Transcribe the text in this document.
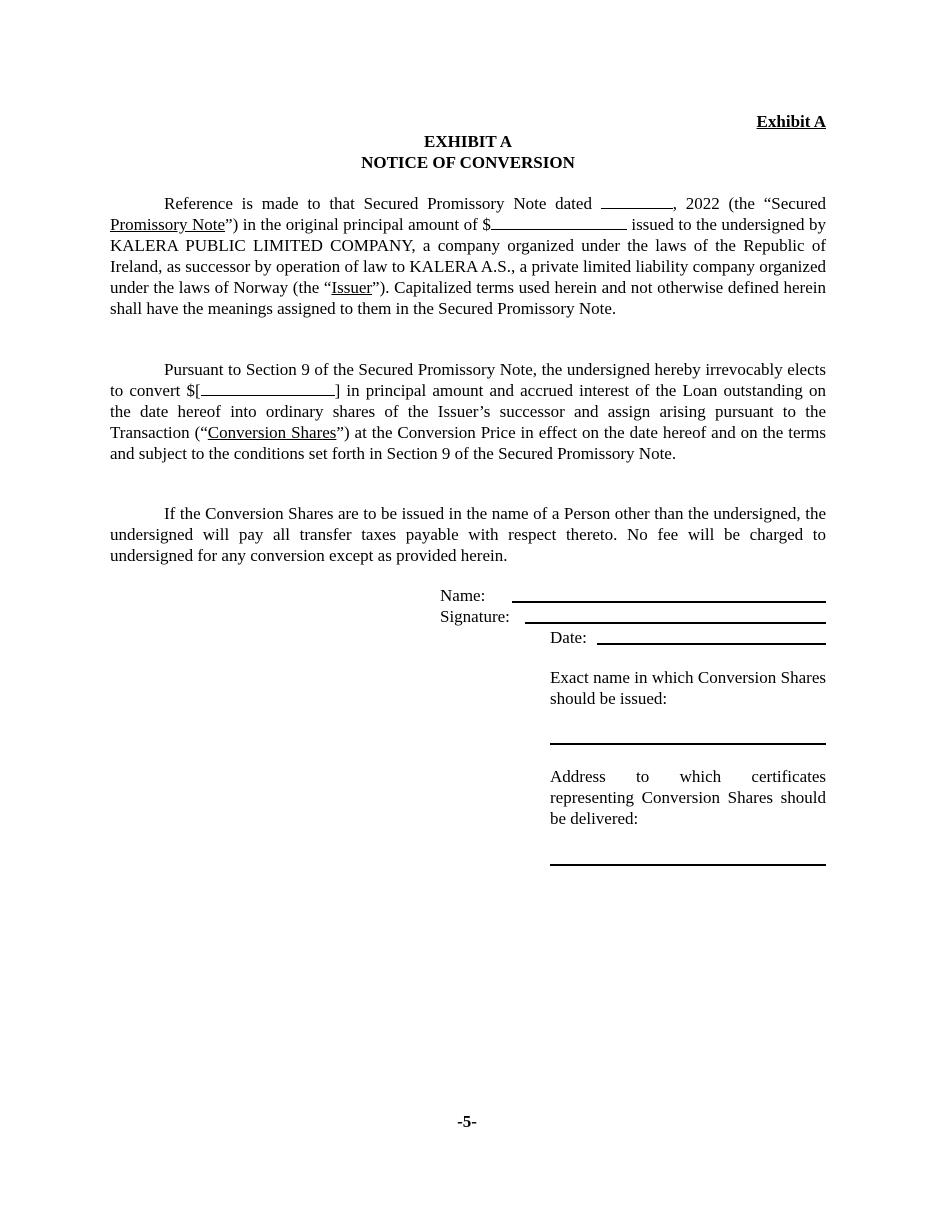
Exhibit A
EXHIBIT A
NOTICE OF CONVERSION
Reference is made to that Secured Promissory Note dated	, 2022 (the “Secured Promissory Note”) in the original principal amount of $	issued to the undersigned by KALERA PUBLIC LIMITED COMPANY, a company organized under the laws of the Republic of Ireland, as successor by operation of law to KALERA A.S., a private limited liability company organized under the laws of Norway (the “Issuer”). Capitalized terms used herein and not otherwise defined herein shall have the meanings assigned to them in the Secured Promissory Note.
Pursuant to Section 9 of the Secured Promissory Note, the undersigned hereby irrevocably elects to convert $[	] in principal amount and accrued interest of the Loan outstanding on the date hereof into ordinary shares of the Issuer’s successor and assign arising pursuant to the Transaction (“Conversion Shares”) at the Conversion Price in effect on the date hereof and on the terms and subject to the conditions set forth in Section 9 of the Secured Promissory Note.
If the Conversion Shares are to be issued in the name of a Person other than the undersigned, the undersigned will pay all transfer taxes payable with respect thereto. No fee will be charged to undersigned for any conversion except as provided herein.
Name:
Signature:
Date:
Exact name in which Conversion Shares should be issued:
Address to which certificates representing Conversion Shares should be delivered:
-5-
